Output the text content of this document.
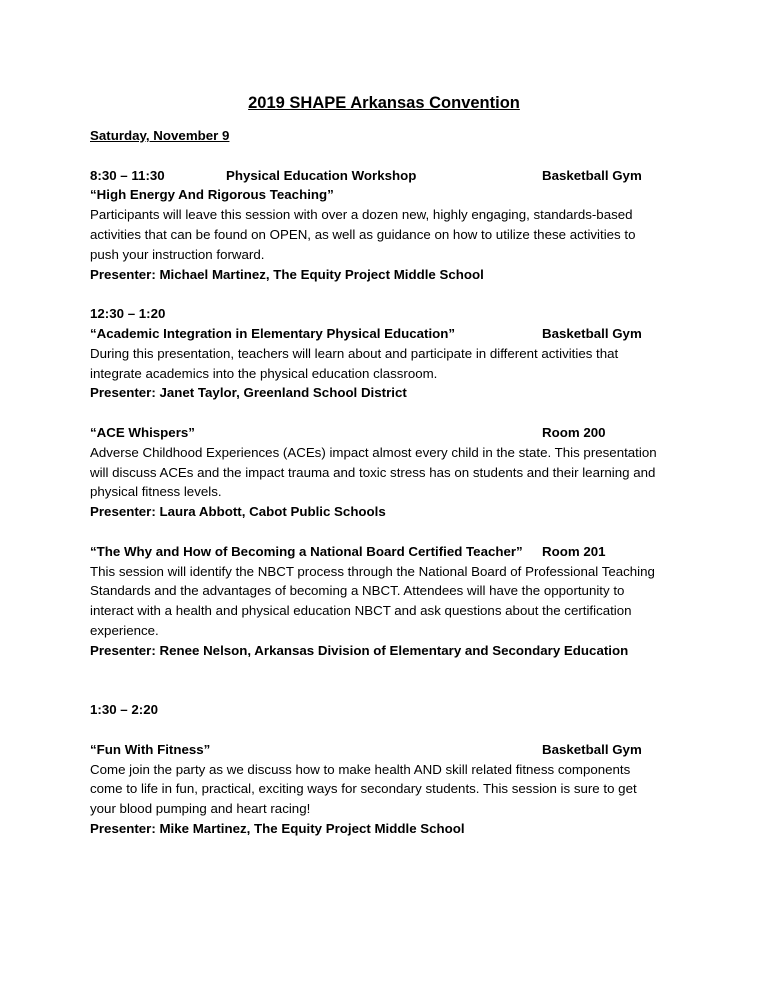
2019 SHAPE Arkansas Convention
Saturday, November 9
8:30 – 11:30	Physical Education Workshop	Basketball Gym
“High Energy And Rigorous Teaching”
Participants will leave this session with over a dozen new, highly engaging, standards-based
activities that can be found on OPEN, as well as guidance on how to utilize these activities to
push your instruction forward.
Presenter: Michael Martinez, The Equity Project Middle School
12:30 – 1:20
“Academic Integration in Elementary Physical Education”	Basketball Gym
During this presentation, teachers will learn about and participate in different activities that
integrate academics into the physical education classroom.
Presenter: Janet Taylor, Greenland School District
“ACE Whispers”	Room 200
Adverse Childhood Experiences (ACEs) impact almost every child in the state. This presentation
will discuss ACEs and the impact trauma and toxic stress has on students and their learning and
physical fitness levels.
Presenter: Laura Abbott, Cabot Public Schools
“The Why and How of Becoming a National Board Certified Teacher” Room 201
This session will identify the NBCT process through the National Board of Professional Teaching
Standards and the advantages of becoming a NBCT. Attendees will have the opportunity to
interact with a health and physical education NBCT and ask questions about the certification
experience.
Presenter: Renee Nelson, Arkansas Division of Elementary and Secondary Education
1:30 – 2:20
“Fun With Fitness”	Basketball Gym
Come join the party as we discuss how to make health AND skill related fitness components
come to life in fun, practical, exciting ways for secondary students. This session is sure to get
your blood pumping and heart racing!
Presenter: Mike Martinez, The Equity Project Middle School
